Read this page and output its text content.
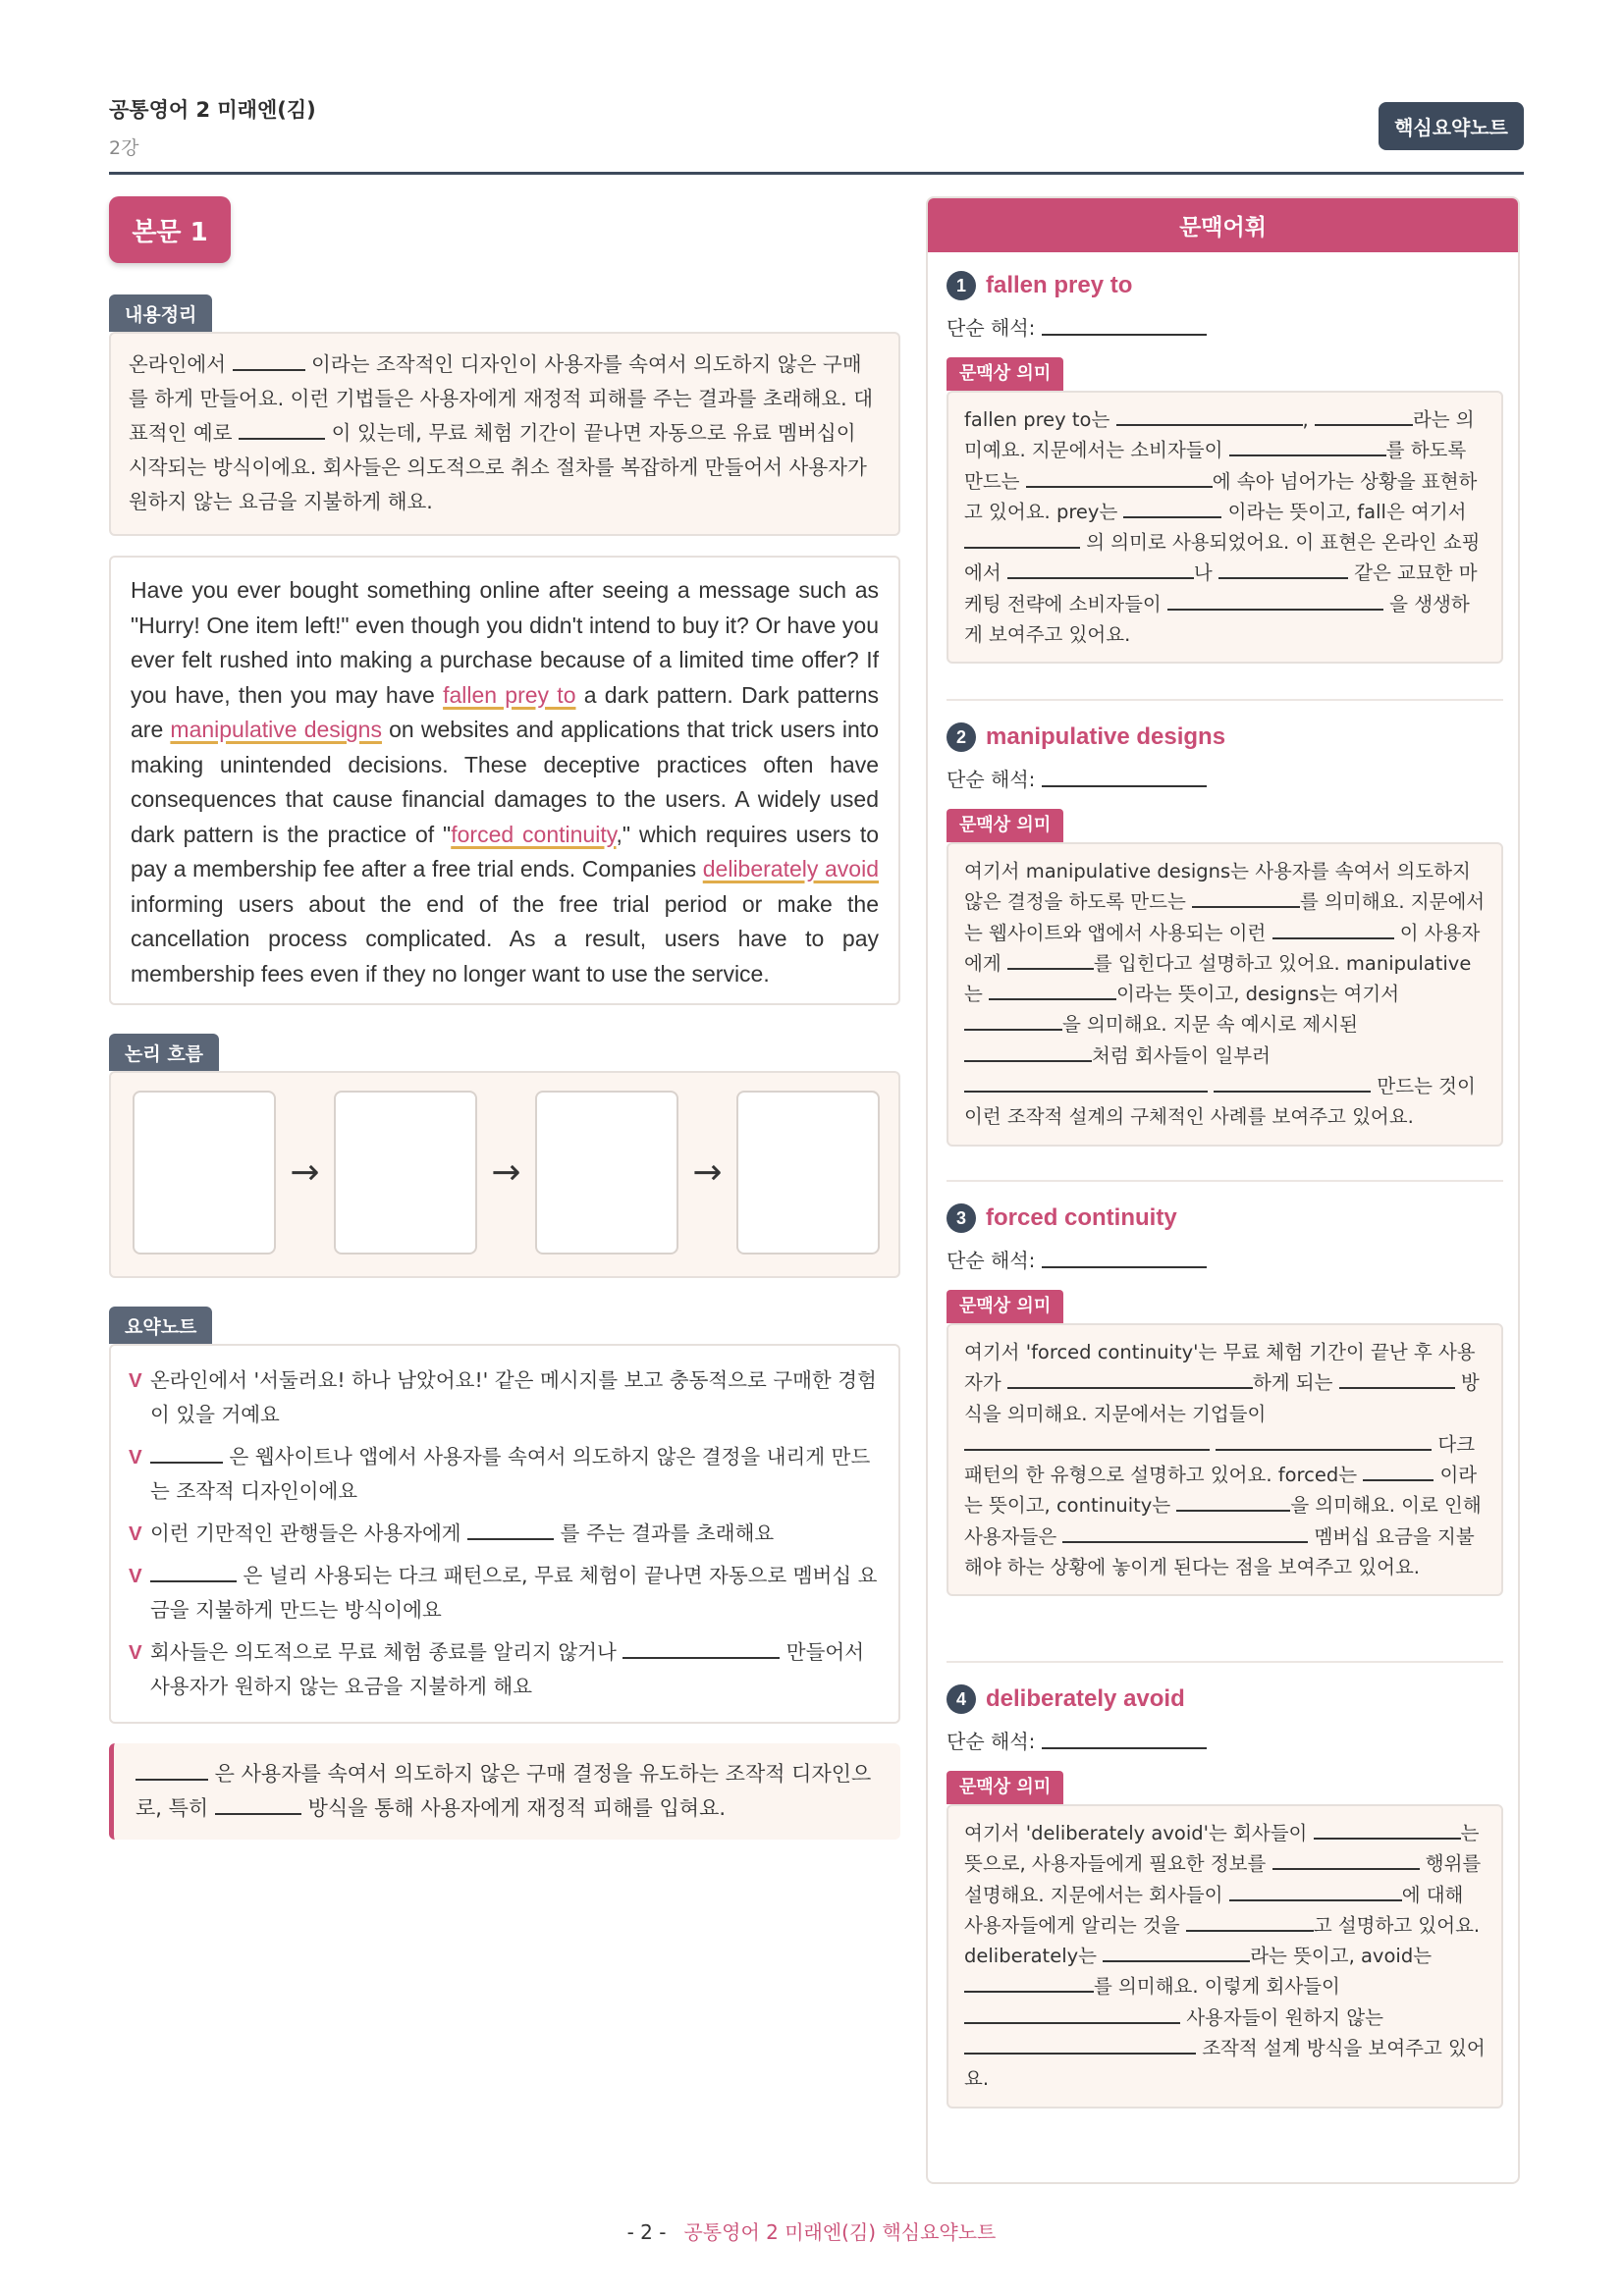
공통영어 2 미래엔(김)
2강
핵심요약노트
본문 1
내용정리
온라인에서	이라는 조작적인 디자인이 사용자를 속여서 의도하지 않은 구매를 하게 만들어요. 이런 기법들은 사용자에게 재정적 피해를 주는 결과를 초래해요. 대표적인 예로	이 있는데, 무료 체험 기간이 끝나면 자동으로 유료 멤버십이 시작되는 방식이에요. 회사들은 의도적으로 취소 절차를 복잡하게 만들어서 사용자가 원하지 않는 요금을 지불하게 해요.

Have you ever bought something online after seeing a message such as "Hurry! One item left!" even though you didn't intend to buy it? Or have you ever felt rushed into making a purchase because of a limited time offer? If you have, then you may have fallen prey to a dark pattern. Dark patterns are manipulative designs on websites and applications that trick users into making unintended decisions. These deceptive practices often have consequences that cause financial damages to the users. A widely used dark pattern is the practice of "forced continuity," which requires users to pay a membership fee after a free trial ends. Companies deliberately avoid informing users about the end of the free trial period or make the cancellation process complicated. As a result, users have to pay membership fees even if they no longer want to use the service.

논리 흐름
→	→	→
요약노트
V 온라인에서 '서둘러요! 하나 남았어요!' 같은 메시지를 보고 충동적으로 구매한 경험이 있을 거예요
V	은 웹사이트나 앱에서 사용자를 속여서 의도하지 않은 결정을 내리게 만드는 조작적 디자인이에요
V 이런 기만적인 관행들은 사용자에게	를 주는 결과를 초래해요
V	은 널리 사용되는 다크 패턴으로, 무료 체험이 끝나면 자동으로 멤버십 요금을 지불하게 만드는 방식이에요
V 회사들은 의도적으로 무료 체험 종료를 알리지 않거나	만들어서 사용자가 원하지 않는 요금을 지불하게 해요
은 사용자를 속여서 의도하지 않은 구매 결정을 유도하는 조작적 디자인으로, 특히	방식을 통해 사용자에게 재정적 피해를 입혀요.
문맥어휘
1 fallen prey to
단순 해석:

문맥상 의미
fallen prey to는	,	라는 의미예요. 지문에서는 소비자들이	를 하도록 만드는	에 속아 넘어가는 상황을 표현하고 있어요. prey는	이라는 뜻이고, fall은 여기서  의 의미로 사용되었어요. 이 표현은 온라인 쇼핑에서	나	같은 교묘한 마케팅 전략에 소비자들이	을 생생하게 보여주고 있어요.
2 manipulative designs
단순 해석:

문맥상 의미
여기서 manipulative designs는 사용자를 속여서 의도하지 않은 결정을 하도록 만드는	를 의미해요. 지문에서는 웹사이트와 앱에서 사용되는 이런	이 사용자에게	를 입힌다고 설명하고 있어요. manipulative는	이라는 뜻이고, designs는 여기서 을 의미해요. 지문 속 예시로 제시된 처럼 회사들이 일부러   만드는 것이 이런 조작적 설계의 구체적인 사례를 보여주고 있어요.
3 forced continuity
단순 해석:

문맥상 의미
여기서 'forced continuity'는 무료 체험 기간이 끝난 후 사용자가	하게 되는	방식을 의미해요. 지문에서는 기업들이   다크 패턴의 한 유형으로 설명하고 있어요. forced는	이라는 뜻이고, continuity는	을 의미해요. 이로 인해 사용자들은	멤버십 요금을 지불해야 하는 상황에 놓이게 된다는 점을 보여주고 있어요.
4 deliberately avoid
단순 해석:

문맥상 의미
여기서 'deliberately avoid'는 회사들이	는 뜻으로, 사용자들에게 필요한 정보를	행위를 설명해요. 지문에서는 회사들이	에 대해 사용자들에게 알리는 것을	고 설명하고 있어요. deliberately는	라는 뜻이고, avoid는 를 의미해요. 이렇게 회사들이  사용자들이 원하지 않는  조작적 설계 방식을 보여주고 있어요.
- 2 - 공통영어 2 미래엔(김) 핵심요약노트
